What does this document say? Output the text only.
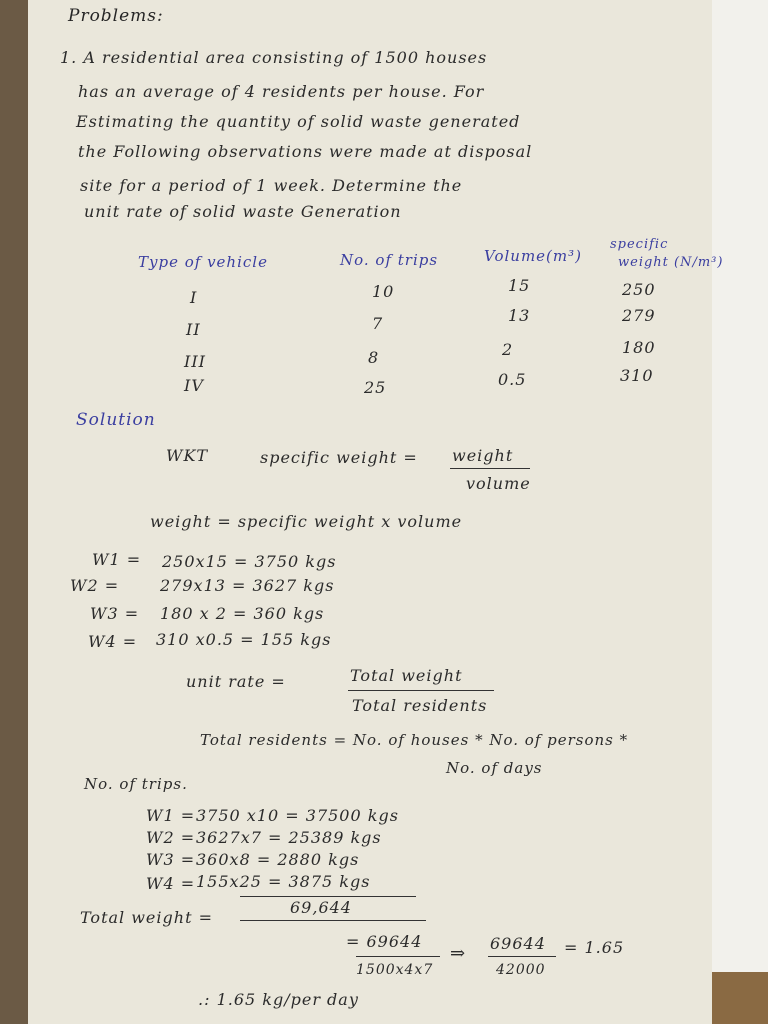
Problems:
1. A residential area consisting of 1500 houses
has an average of 4 residents per house. For
Estimating the quantity of solid waste generated
the Following observations were made at disposal
site for a period of 1 week. Determine the
unit rate of solid waste Generation
Type of vehicle	No. of trips	Volume(m³)
specific
weight (N/m³)
I	10	15	250
II	7	13	279
III	8	2	180
IV	25	0.5	310
Solution
WKT	specific weight = weight
volume
weight = specific weight x volume
W1 = 250x15 = 3750 kgs
W2 =	279x13 = 3627 kgs
W3 = 180 x 2 = 360 kgs
W4 = 310 x0.5 = 155 kgs
unit rate =	Total weight
Total residents
Total residents = No. of houses * No. of persons *
No. of days
No. of trips.
W1 = 3750 x10 = 37500 kgs
W2 = 3627x7 = 25389 kgs
W3 = 360x8 = 2880 kgs
W4 = 155x25 = 3875 kgs
Total weight =
69,644
= 69644
1500x4x7
⇒ 69644
42000
= 1.65
.: 1.65 kg/per day
